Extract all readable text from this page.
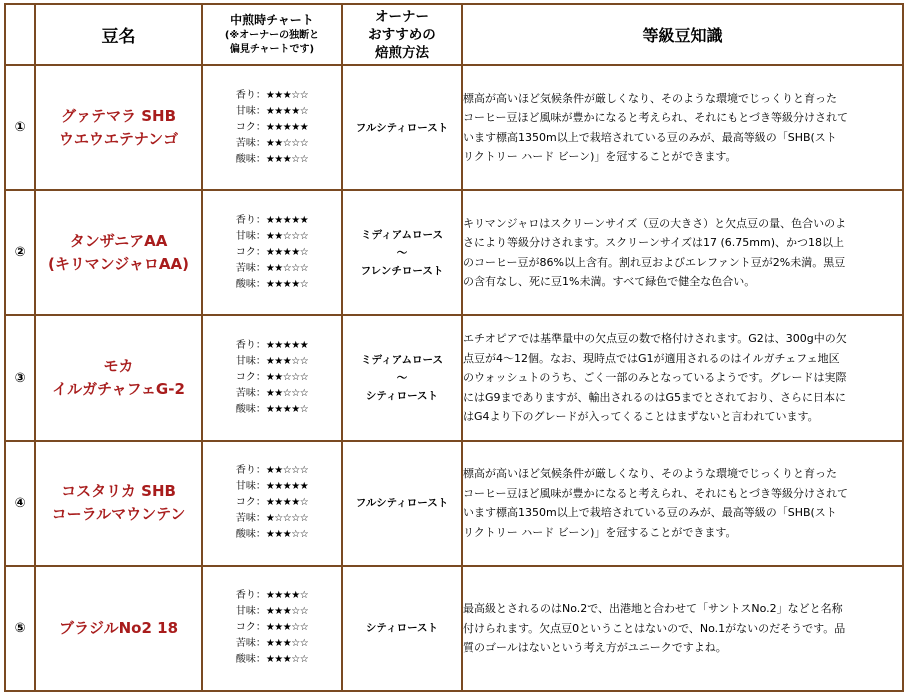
	豆名	中煎時チャート
(※オーナーの独断と
偏見チャートです)	オーナー
おすすめの
焙煎方法	等級豆知識
①	グァテマラ SHB
ウエウエテナンゴ	香り：★★★☆☆
甘味：★★★★☆
コク：★★★★★
苦味：★★☆☆☆
酸味：★★★☆☆	フルシティロースト	標高が高いほど気候条件が厳しくなり、そのような環境でじっくりと育った
コーヒー豆ほど風味が豊かになると考えられ、それにもとづき等級分けされて
います標高1350m以上で栽培されている豆のみが、最高等級の「SHB(スト
リクトリー ハード ビーン)」を冠することができます。

②	タンザニアAA
(キリマンジャロAA)	香り：★★★★★
甘味：★★☆☆☆
コク：★★★★☆
苦味：★★☆☆☆
酸味：★★★★☆	ミディアムロース
〜
フレンチロースト	キリマンジャロはスクリーンサイズ（豆の大きさ）と欠点豆の量、色合いのよ
さにより等級分けされます。スクリーンサイズは17 (6.75mm)、かつ18以上
のコーヒー豆が86%以上含有。割れ豆およびエレファント豆が2%未満。黒豆
の含有なし、死に豆1%未満。すべて緑色で健全な色合い。

③	モカ
イルガチャフェG-2	香り：★★★★★
甘味：★★★☆☆
コク：★★☆☆☆
苦味：★★☆☆☆
酸味：★★★★☆	ミディアムロース
〜
シティロースト	エチオピアでは基準量中の欠点豆の数で格付けされます。G2は、300g中の欠
点豆が4〜12個。なお、現時点ではG1が適用されるのはイルガチェフェ地区
のウォッシュトのうち、ごく一部のみとなっているようです。グレードは実際
にはG9までありますが、輸出されるのはG5までとされており、さらに日本に
はG4より下のグレードが入ってくることはまずないと言われています。

④	コスタリカ SHB
コーラルマウンテン	香り：★★☆☆☆
甘味：★★★★★
コク：★★★★☆
苦味：★☆☆☆☆
酸味：★★★☆☆	フルシティロースト	標高が高いほど気候条件が厳しくなり、そのような環境でじっくりと育った
コーヒー豆ほど風味が豊かになると考えられ、それにもとづき等級分けされて
います標高1350m以上で栽培されている豆のみが、最高等級の「SHB(スト
リクトリー ハード ビーン)」を冠することができます。

⑤	ブラジルNo2 18	香り：★★★★☆
甘味：★★★☆☆
コク：★★★☆☆
苦味：★★★☆☆
酸味：★★★☆☆	シティロースト	最高級とされるのはNo.2で、出港地と合わせて「サントスNo.2」などと名称
付けられます。欠点豆0ということはないので、No.1がないのだそうです。品
質のゴールはないという考え方がユニークですよね。
